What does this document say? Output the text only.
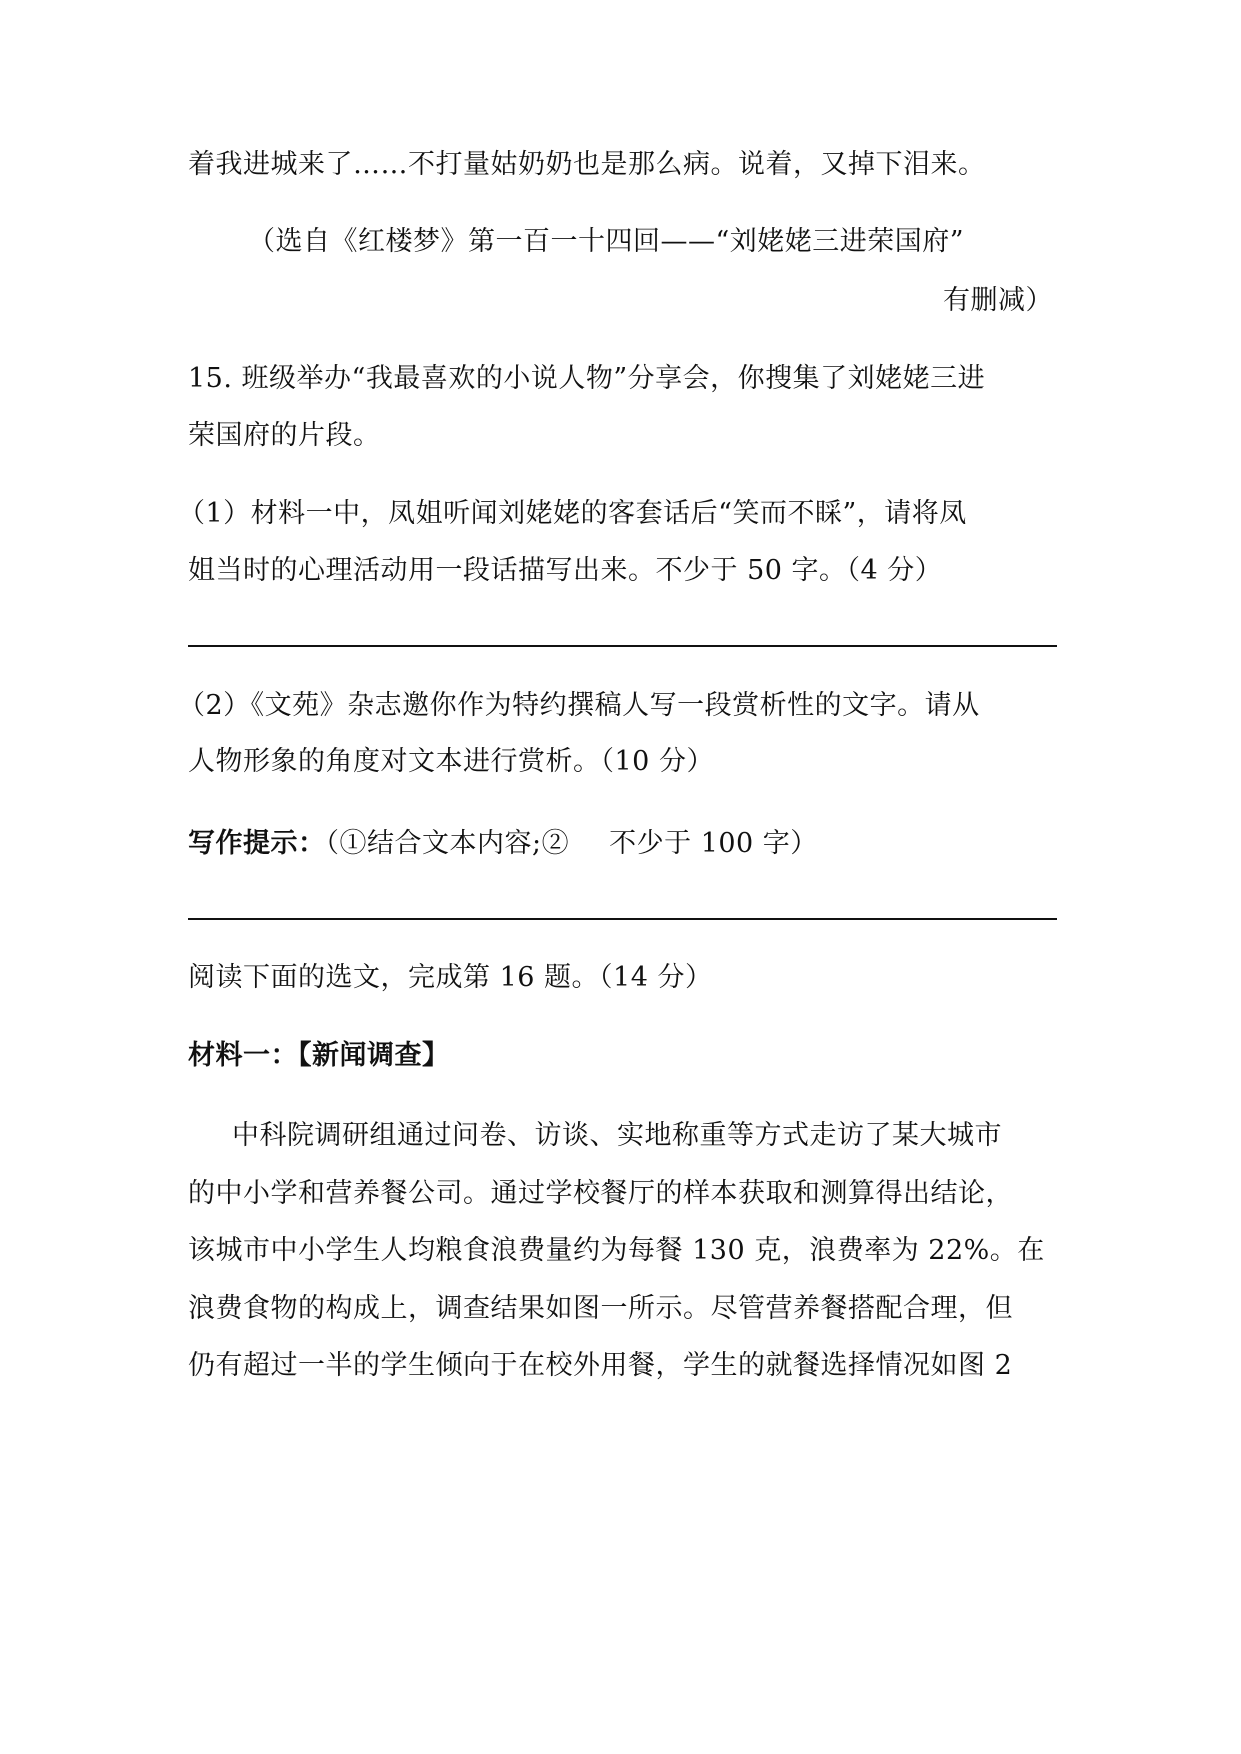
着我进城来了……不打量姑奶奶也是那么病。说着，又掉下泪来。
（选自《红楼梦》第一百一十四回——“刘姥姥三进荣国府”
有删减）
15. 班级举办“我最喜欢的小说人物”分享会，你搜集了刘姥姥三进
荣国府的片段。
（1）材料一中，凤姐听闻刘姥姥的客套话后“笑而不睬”，请将凤
姐当时的心理活动用一段话描写出来。不少于 50 字。（4 分）
（2）《文苑》杂志邀你作为特约撰稿人写一段赏析性的文字。请从
人物形象的角度对文本进行赏析。（10 分）
写作提示：（①结合文本内容;② 不少于 100 字）
阅读下面的选文，完成第 16 题。（14 分）
材料一：【新闻调查】
中科院调研组通过问卷、访谈、实地称重等方式走访了某大城市
的中小学和营养餐公司。通过学校餐厅的样本获取和测算得出结论，
该城市中小学生人均粮食浪费量约为每餐 130 克，浪费率为 22%。在
浪费食物的构成上，调查结果如图一所示。尽管营养餐搭配合理，但
仍有超过一半的学生倾向于在校外用餐，学生的就餐选择情况如图 2
